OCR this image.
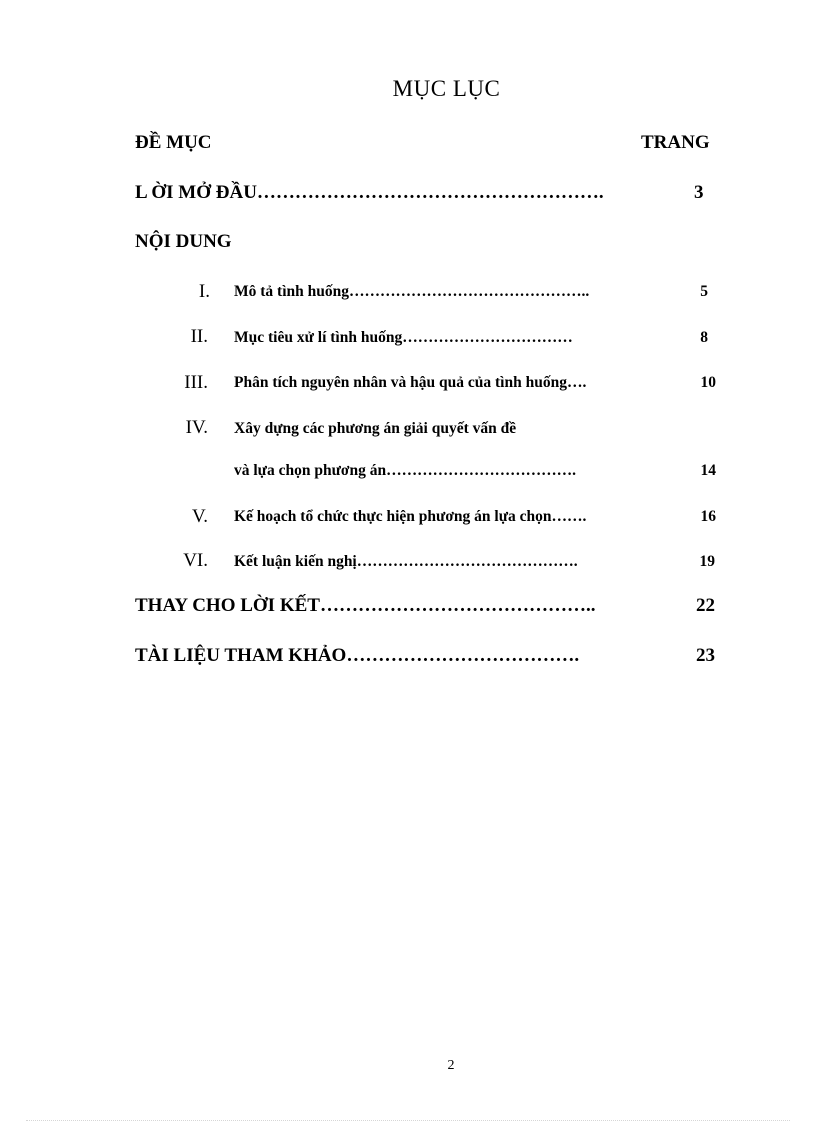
MỤC LỤC
ĐỀ MỤC	TRANG
L ỜI MỞ ĐẦU……………………………………………….	3
NỘI DUNG
I. Mô tả tình huống………………………………………..	5
II. Mục tiêu xử lí tình huống……………………………	8
III. Phân tích nguyên nhân và hậu quả của tình huống….	10
IV. Xây dựng các phương án giải quyết vấn đề
và lựa chọn phương án……………………………….	14
V. Kế hoạch tổ chức thực hiện phương án lựa chọn…….	16
VI. Kết luận kiến nghị…………………………………….	19
THAY CHO LỜI KẾT……………………………………..	22
TÀI LIỆU THAM KHẢO……………………………….	23
2
